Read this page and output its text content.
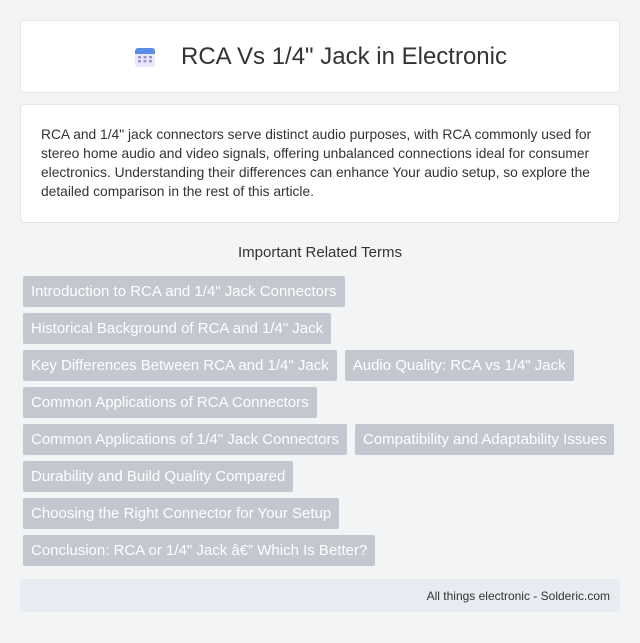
RCA Vs 1/4" Jack in Electronic

RCA and 1/4" jack connectors serve distinct audio purposes, with RCA commonly used for stereo home audio and video signals, offering unbalanced connections ideal for consumer electronics. Understanding their differences can enhance Your audio setup, so explore the detailed comparison in the rest of this article.

Important Related Terms
Introduction to RCA and 1/4" Jack Connectors
Historical Background of RCA and 1/4" Jack
Key Differences Between RCA and 1/4" Jack	Audio Quality: RCA vs 1/4" Jack
Common Applications of RCA Connectors
Common Applications of 1/4" Jack Connectors	Compatibility and Adaptability Issues
Durability and Build Quality Compared
Choosing the Right Connector for Your Setup
Conclusion: RCA or 1/4" Jack â€” Which Is Better?
All things electronic - Solderic.com
